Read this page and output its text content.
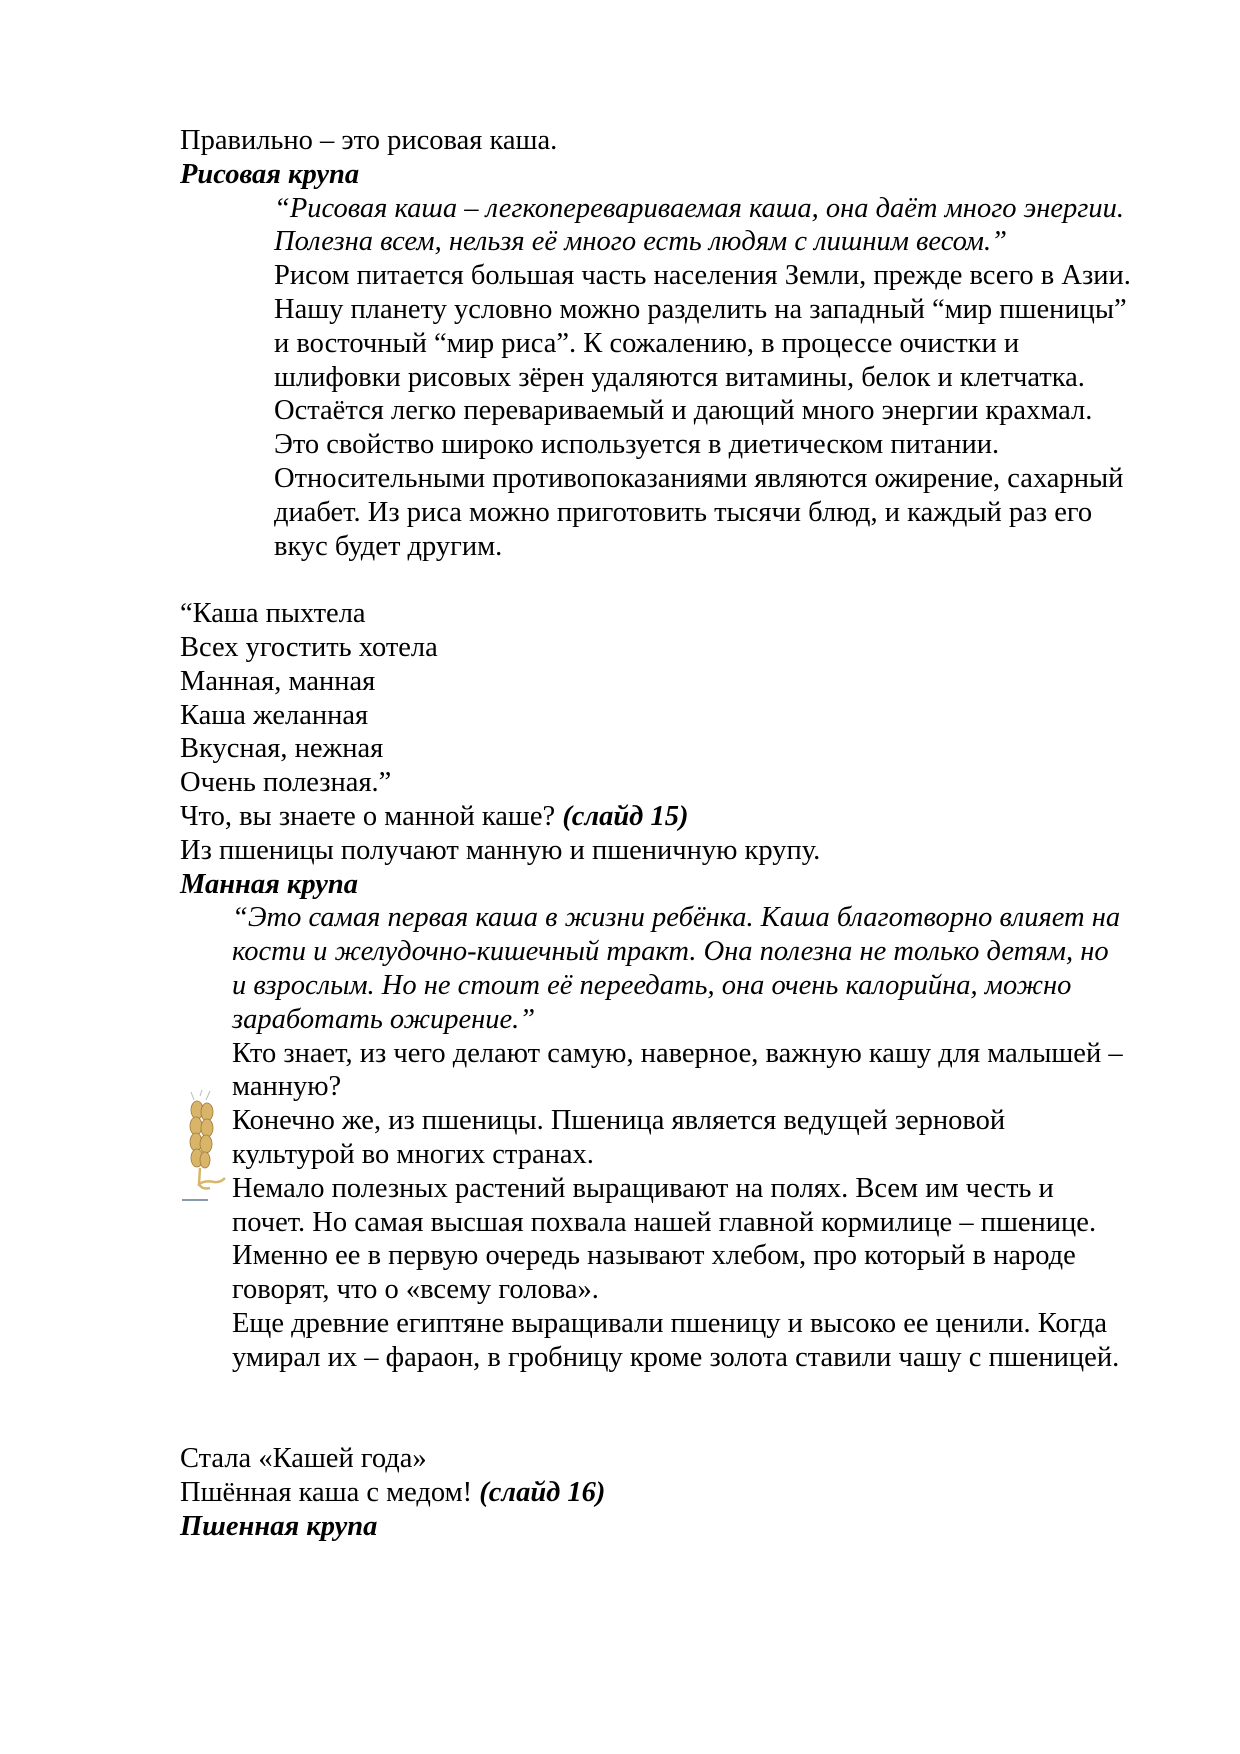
Правильно – это рисовая каша.
Рисовая крупа
“Рисовая каша – легкоперевариваемая каша, она даёт много энергии.
Полезна всем, нельзя её много есть людям с лишним весом.”
Рисом питается большая часть населения Земли, прежде всего в Азии.
Нашу планету условно можно разделить на западный “мир пшеницы”
и восточный “мир риса”. К сожалению, в процессе очистки и
шлифовки рисовых зёрен удаляются витамины, белок и клетчатка.
Остаётся легко перевариваемый и дающий много энергии крахмал.
Это свойство широко используется в диетическом питании.
Относительными противопоказаниями являются ожирение, сахарный
диабет. Из риса можно приготовить тысячи блюд, и каждый раз его
вкус будет другим.
“Каша пыхтела
Всех угостить хотела
Манная, манная
Каша желанная
Вкусная, нежная
Очень полезная.”
Что, вы знаете о манной каше? (слайд 15)
Из пшеницы получают манную и пшеничную крупу.
Манная крупа
“Это самая первая каша в жизни ребёнка. Каша благотворно влияет на
кости и желудочно-кишечный тракт. Она полезна не только детям, но
и взрослым. Но не стоит её переедать, она очень калорийна, можно
заработать ожирение.”
Кто знает, из чего делают самую, наверное, важную кашу для малышей –
манную?
Конечно же, из пшеницы. Пшеница является ведущей зерновой
культурой во многих странах.
Немало полезных растений выращивают на полях. Всем им честь и
почет. Но самая высшая похвала нашей главной кормилице – пшенице.
Именно ее в первую очередь называют хлебом, про который в народе
говорят, что о «всему голова».
Еще древние египтяне выращивали пшеницу и высоко ее ценили. Когда
умирал их – фараон, в гробницу кроме золота ставили чашу с пшеницей.
Стала «Кашей года»
Пшённая каша с медом! (слайд 16)
Пшенная крупа
